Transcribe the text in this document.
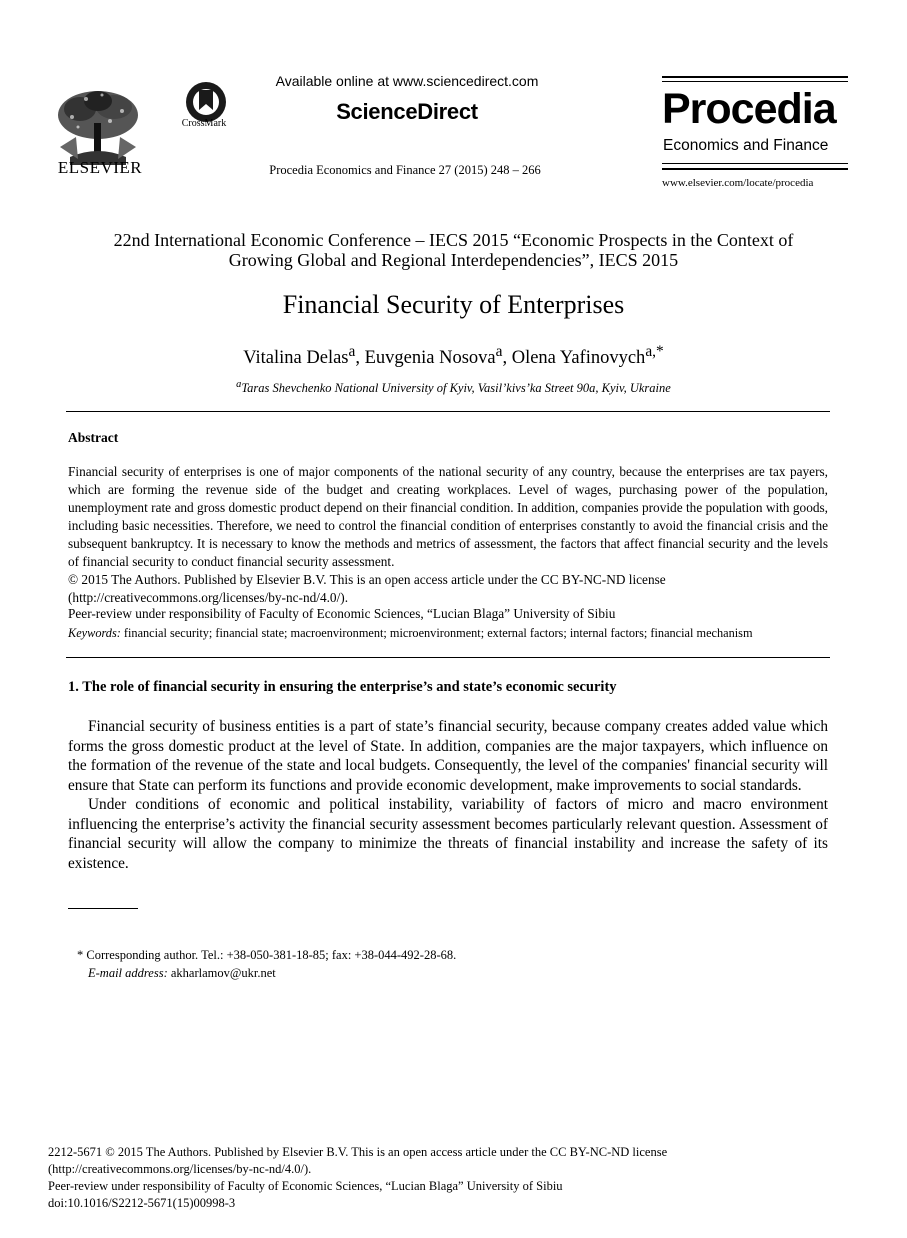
ELSEVIER
CrossMark
Available online at www.sciencedirect.com
ScienceDirect
Procedia Economics and Finance 27 (2015) 248 – 266
Procedia
Economics and Finance
www.elsevier.com/locate/procedia
22nd International Economic Conference – IECS 2015 “Economic Prospects in the Context of
Growing Global and Regional Interdependencies”, IECS 2015
Financial Security of Enterprises
Vitalina Delas$^a$, Euvgenia Nosova$^a$, Olena Yafinovych$^{a,*}$
$^a$Taras Shevchenko National University of Kyiv, Vasil’kivs’ka Street 90a, Kyiv, Ukraine
Abstract
Financial security of enterprises is one of major components of the national security of any country, because the enterprises are tax payers, which are forming the revenue side of the budget and creating workplaces. Level of wages, purchasing power of the population, unemployment rate and gross domestic product depend on their financial condition. In addition, companies provide the population with goods, including basic necessities. Therefore, we need to control the financial condition of enterprises constantly to avoid the financial crisis and the subsequent bankruptcy. It is necessary to know the methods and metrics of assessment, the factors that affect financial security and the levels of financial security to conduct financial security assessment.
© 2015 The Authors. Published by Elsevier B.V. This is an open access article under the CC BY-NC-ND license
(http://creativecommons.org/licenses/by-nc-nd/4.0/).
Peer-review under responsibility of Faculty of Economic Sciences, “Lucian Blaga” University of Sibiu
Keywords: financial security; financial state; macroenvironment; microenvironment; external factors; internal factors; financial mechanism
1. The role of financial security in ensuring the enterprise’s and state’s economic security

Financial security of business entities is a part of state’s financial security, because company creates added value which forms the gross domestic product at the level of State. In addition, companies are the major taxpayers, which influence on the formation of the revenue of the state and local budgets. Consequently, the level of the companies' financial security will ensure that State can perform its functions and provide economic development, make improvements to social standards.

Under conditions of economic and political instability, variability of factors of micro and macro environment influencing the enterprise’s activity the financial security assessment becomes particularly relevant question. Assessment of financial security will allow the company to minimize the threats of financial instability and increase the safety of its existence.

* Corresponding author. Tel.: +38-050-381-18-85; fax: +38-044-492-28-68.
E-mail address: akharlamov@ukr.net
2212-5671 © 2015 The Authors. Published by Elsevier B.V. This is an open access article under the CC BY-NC-ND license
(http://creativecommons.org/licenses/by-nc-nd/4.0/).
Peer-review under responsibility of Faculty of Economic Sciences, “Lucian Blaga” University of Sibiu
doi:10.1016/S2212-5671(15)00998-3
